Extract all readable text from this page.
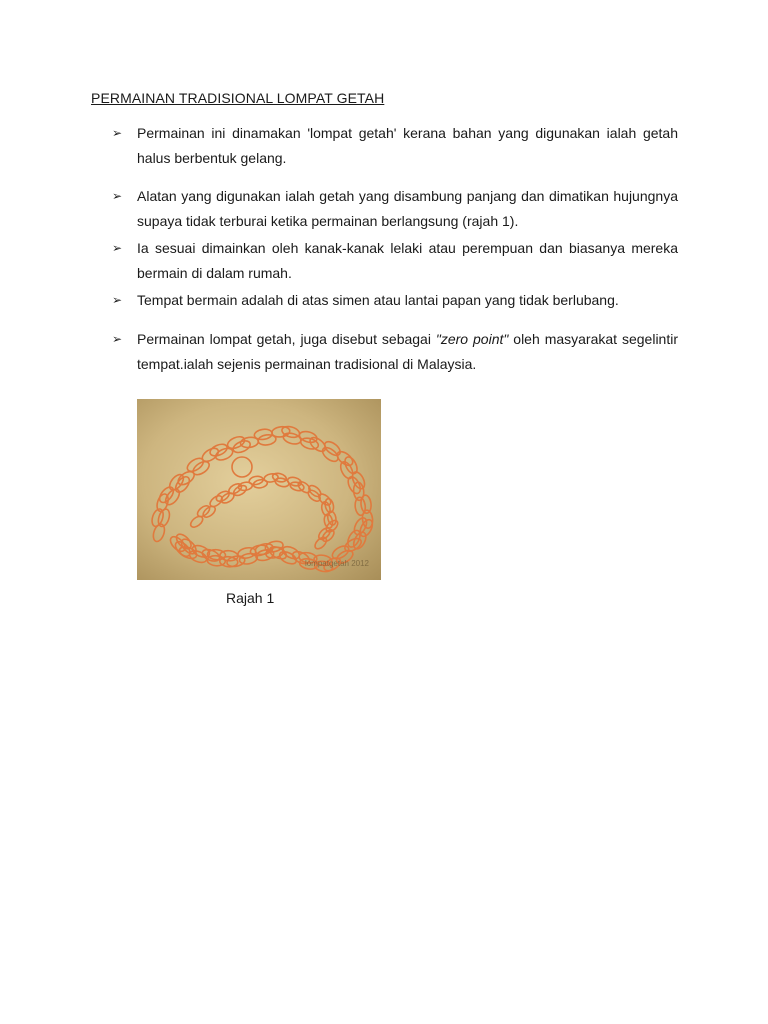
PERMAINAN TRADISIONAL LOMPAT GETAH
➢ Permainan ini dinamakan 'lompat getah' kerana bahan yang digunakan ialah getah halus berbentuk gelang.
➢ Alatan yang digunakan ialah getah yang disambung panjang dan dimatikan hujungnya supaya tidak terburai ketika permainan berlangsung (rajah 1).
➢ Ia sesuai dimainkan oleh kanak-kanak lelaki atau perempuan dan biasanya mereka bermain di dalam rumah.
➢ Tempat bermain adalah di atas simen atau lantai papan yang tidak berlubang.
➢ Permainan lompat getah, juga disebut sebagai "zero point" oleh masyarakat segelintir tempat.ialah sejenis permainan tradisional di Malaysia.
lompatgetah 2012
Rajah 1
